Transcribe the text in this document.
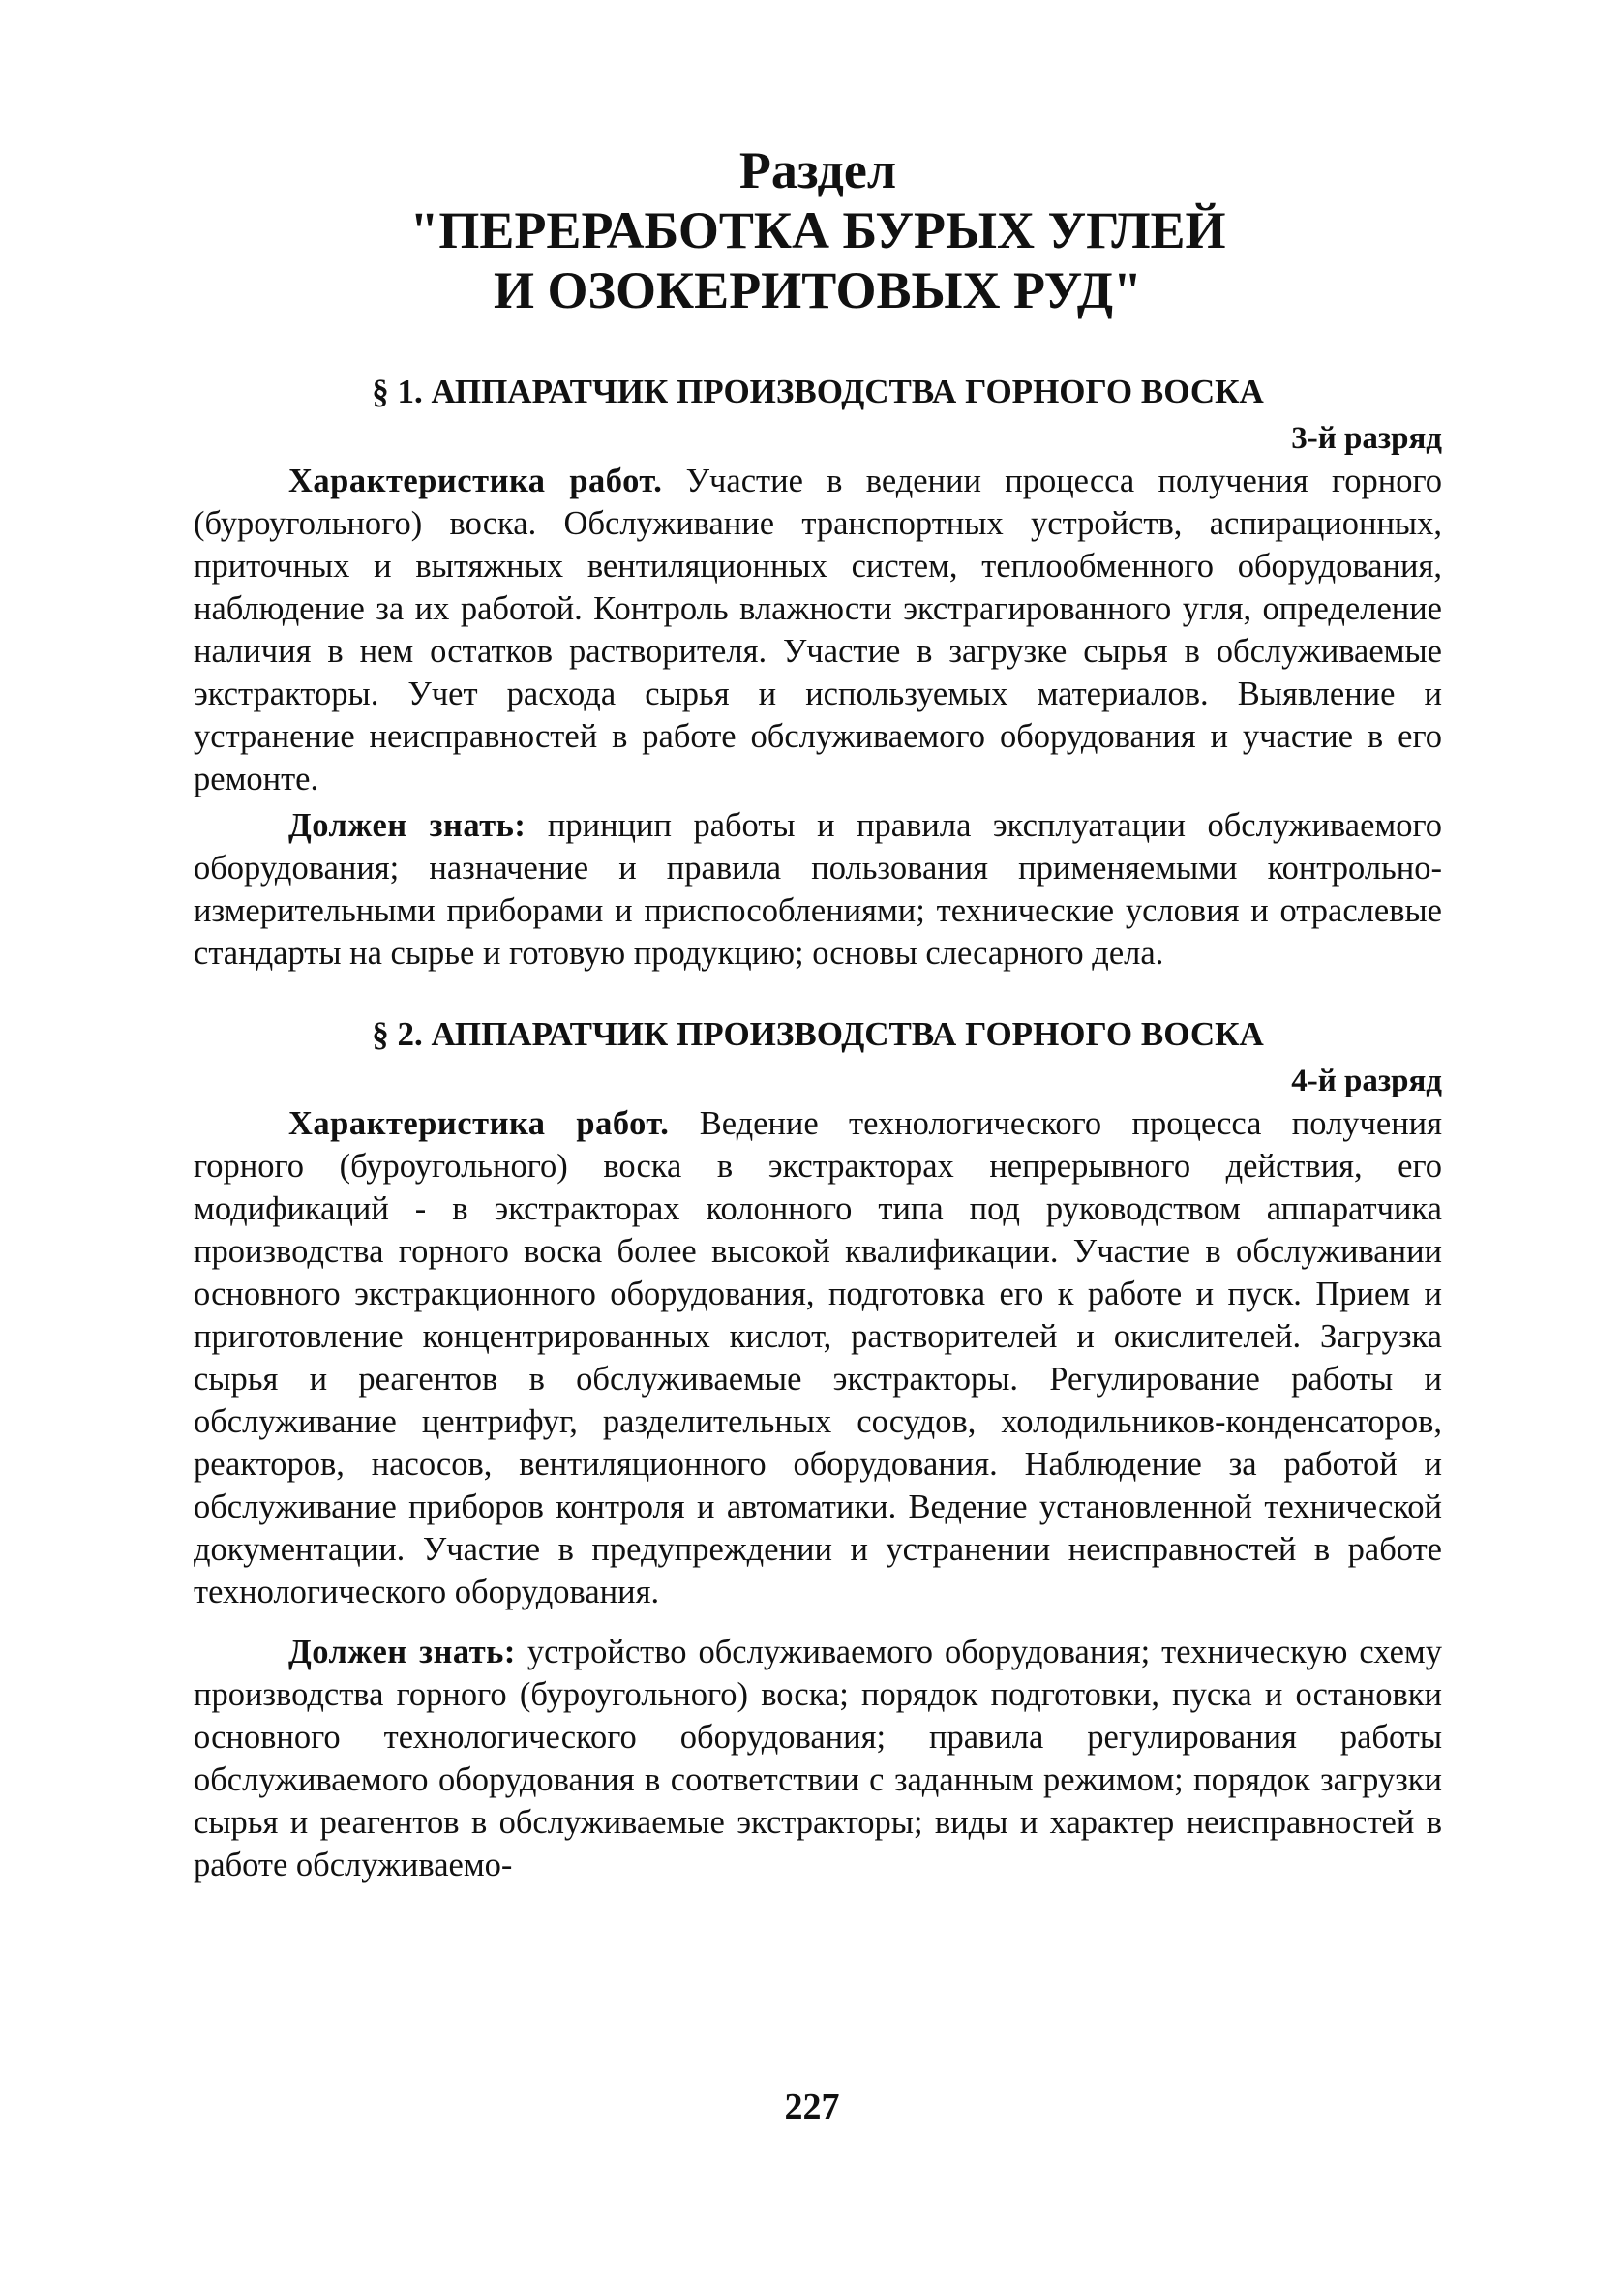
Раздел
"ПЕРЕРАБОТКА БУРЫХ УГЛЕЙ
И ОЗОКЕРИТОВЫХ РУД"
§ 1. АППАРАТЧИК ПРОИЗВОДСТВА ГОРНОГО ВОСКА
3-й разряд

Характеристика работ. Участие в ведении процесса получения горного (буроугольного) воска. Обслуживание транспортных устройств, аспирационных, приточных и вытяжных вентиляционных систем, теплообменного оборудования, наблюдение за их работой. Контроль влажности экстрагированного угля, определение наличия в нем остатков растворителя. Участие в загрузке сырья в обслуживаемые экстракторы. Учет расхода сырья и используемых материалов. Выявление и устранение неисправностей в работе обслуживаемого оборудования и участие в его ремонте.

Должен знать: принцип работы и правила эксплуатации обслуживаемого оборудования; назначение и правила пользования применяемыми контрольно-измерительными приборами и приспособлениями; технические условия и отраслевые стандарты на сырье и готовую продукцию; основы слесарного дела.

§ 2. АППАРАТЧИК ПРОИЗВОДСТВА ГОРНОГО ВОСКА
4-й разряд

Характеристика работ. Ведение технологического процесса получения горного (буроугольного) воска в экстракторах непрерывного действия, его модификаций - в экстракторах колонного типа под руководством аппаратчика производства горного воска более высокой квалификации. Участие в обслуживании основного экстракционного оборудования, подготовка его к работе и пуск. Прием и приготовление концентрированных кислот, растворителей и окислителей. Загрузка сырья и реагентов в обслуживаемые экстракторы. Регулирование работы и обслуживание центрифуг, разделительных сосудов, холодильников-конденсаторов, реакторов, насосов, вентиляционного оборудования. Наблюдение за работой и обслуживание приборов контроля и автоматики. Ведение установленной технической документации. Участие в предупреждении и устранении неисправностей в работе технологического оборудования.

Должен знать: устройство обслуживаемого оборудования; техническую схему производства горного (буроугольного) воска; порядок подготовки, пуска и остановки основного технологического оборудования; правила регулирования работы обслуживаемого оборудования в соответствии с заданным режимом; порядок загрузки сырья и реагентов в обслуживаемые экстракторы; виды и характер неисправностей в работе обслуживаемо-

227
